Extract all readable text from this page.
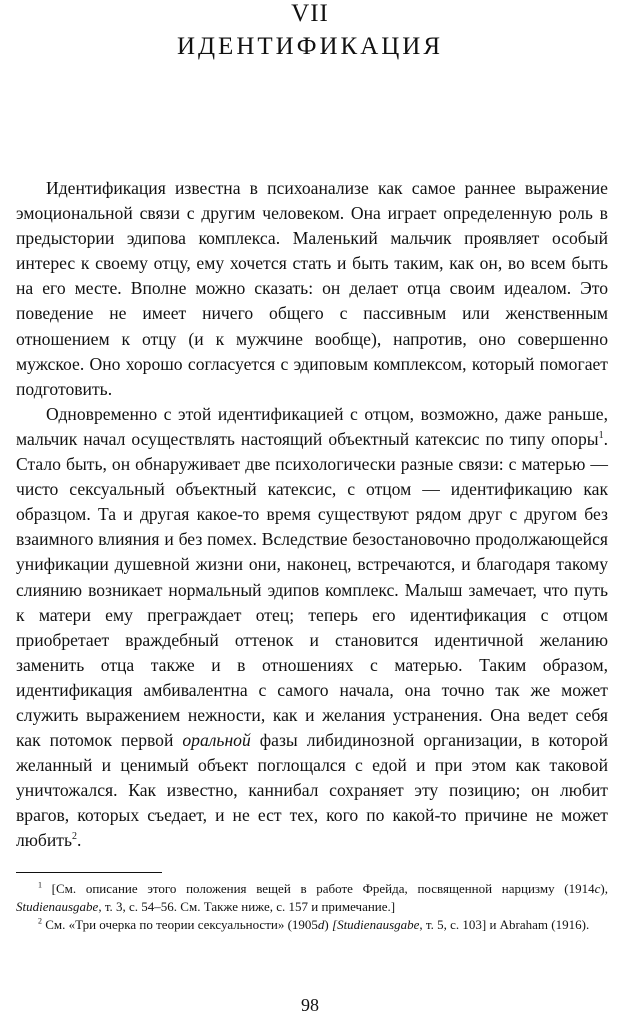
VII
ИДЕНТИФИКАЦИЯ

Идентификация известна в психоанализе как самое раннее выражение эмоциональной связи с другим человеком. Она играет определенную роль в предыстории эдипова комплекса. Маленький мальчик проявляет особый интерес к своему отцу, ему хочется стать и быть таким, как он, во всем быть на его месте. Вполне можно сказать: он делает отца своим идеалом. Это поведение не имеет ничего общего с пассивным или женственным отношением к отцу (и к мужчине вообще), напротив, оно совершенно мужское. Оно хорошо согласуется с эдиповым комплексом, который помогает подготовить.

Одновременно с этой идентификацией с отцом, возможно, даже раньше, мальчик начал осуществлять настоящий объектный катексис по типу опоры$^1$. Стало быть, он обнаруживает две психологически разные связи: с матерью — чисто сексуальный объектный катексис, с отцом — идентификацию как образцом. Та и другая какое-то время существуют рядом друг с другом без взаимного влияния и без помех. Вследствие безостановочно продолжающейся унификации душевной жизни они, наконец, встречаются, и благодаря такому слиянию возникает нормальный эдипов комплекс. Малыш замечает, что путь к матери ему преграждает отец; теперь его идентификация с отцом приобретает враждебный оттенок и становится идентичной желанию заменить отца также и в отношениях с матерью. Таким образом, идентификация амбивалентна с самого начала, она точно так же может служить выражением нежности, как и желания устранения. Она ведет себя как потомок первой оральной фазы либидинозной организации, в которой желанный и ценимый объект поглощался с едой и при этом как таковой уничтожался. Как известно, каннибал сохраняет эту позицию; он любит врагов, которых съедает, и не ест тех, кого по какой-то причине не может любить$^2$.

$^1$ [См. описание этого положения вещей в работе Фрейда, посвященной нарцизму (1914c), Studienausgabe, т. 3, с. 54–56. См. Также ниже, с. 157 и примечание.]

$^2$ См. «Три очерка по теории сексуальности» (1905d) [Studienausgabe, т. 5, с. 103] и Abraham (1916).

98
